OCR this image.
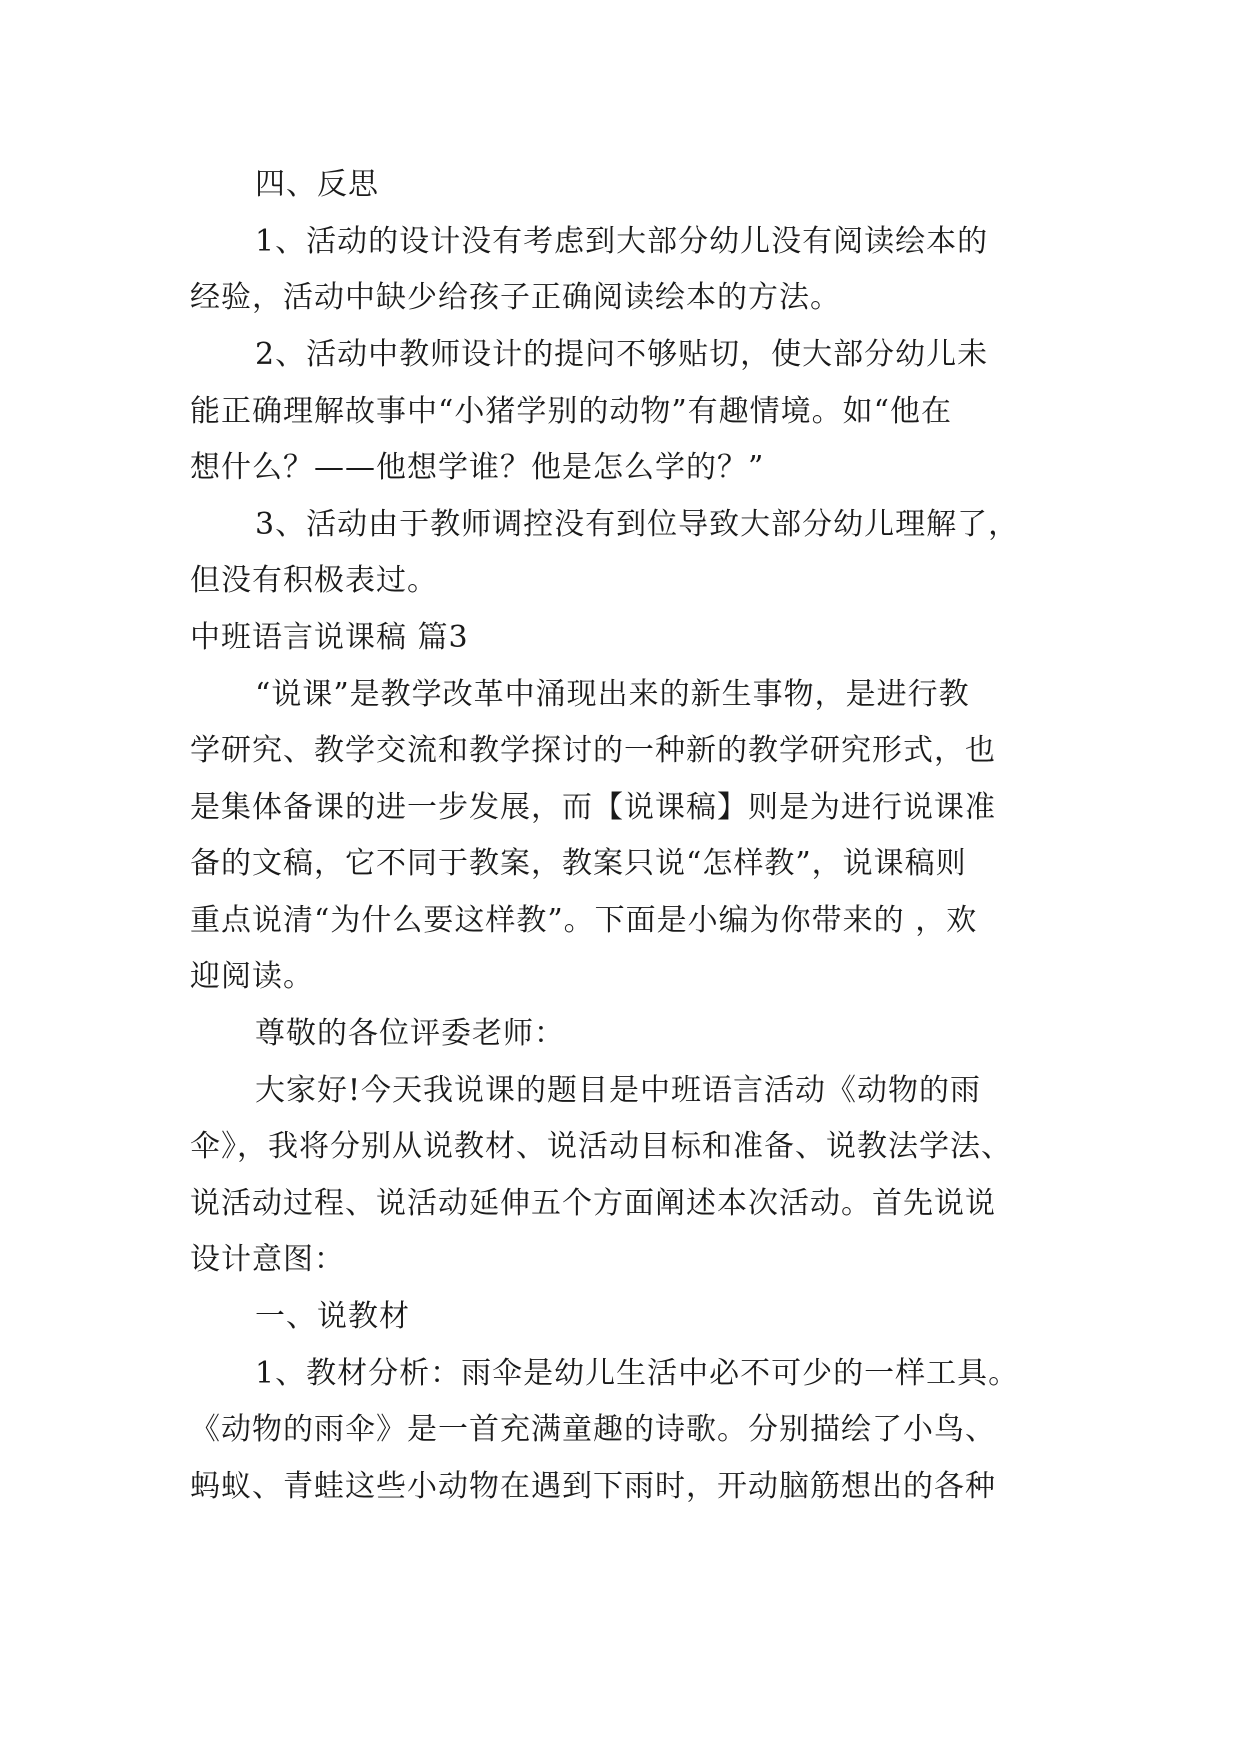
四、反思
1、活动的设计没有考虑到大部分幼儿没有阅读绘本的
经验，活动中缺少给孩子正确阅读绘本的方法。
2、活动中教师设计的提问不够贴切，使大部分幼儿未
能正确理解故事中“小猪学别的动物”有趣情境。如“他在
想什么？——他想学谁？他是怎么学的？”
3、活动由于教师调控没有到位导致大部分幼儿理解了，
但没有积极表过。
中班语言说课稿 篇3
“说课”是教学改革中涌现出来的新生事物，是进行教
学研究、教学交流和教学探讨的一种新的教学研究形式，也
是集体备课的进一步发展，而【说课稿】则是为进行说课准
备的文稿，它不同于教案，教案只说“怎样教”，说课稿则
重点说清“为什么要这样教”。下面是小编为你带来的 ，欢
迎阅读。
尊敬的各位评委老师：
大家好!今天我说课的题目是中班语言活动《动物的雨
伞》，我将分别从说教材、说活动目标和准备、说教法学法、
说活动过程、说活动延伸五个方面阐述本次活动。首先说说
设计意图：
一、说教材
1、教材分析：雨伞是幼儿生活中必不可少的一样工具。
《动物的雨伞》是一首充满童趣的诗歌。分别描绘了小鸟、
蚂蚁、青蛙这些小动物在遇到下雨时，开动脑筋想出的各种
